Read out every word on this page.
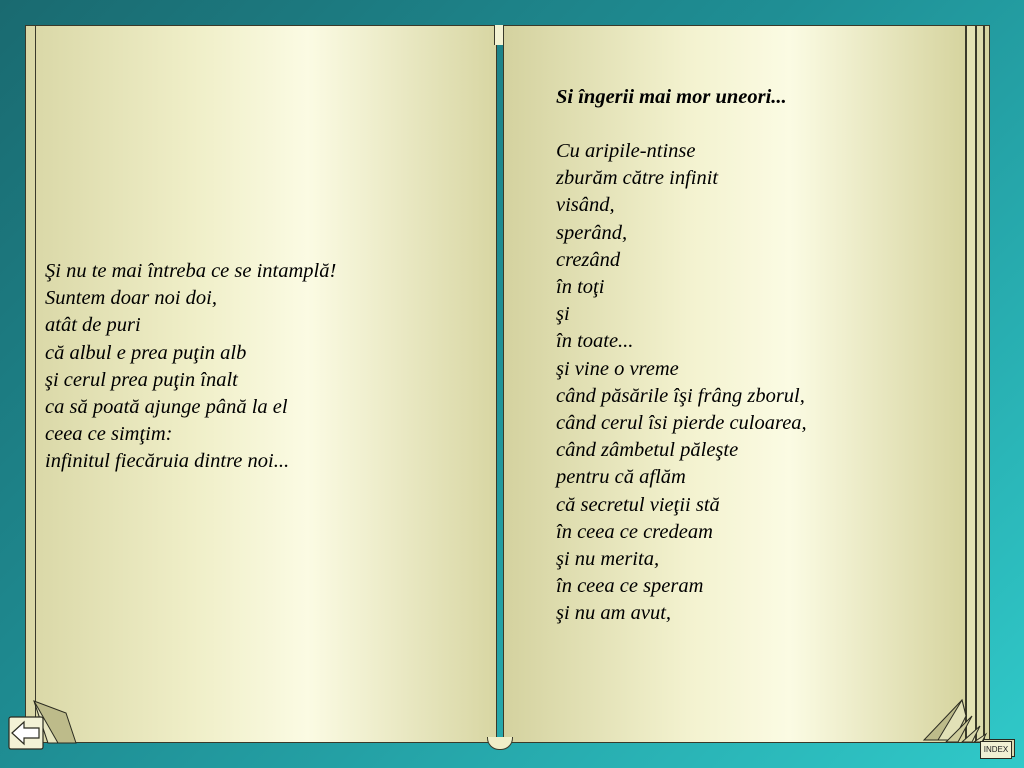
Şi nu te mai întreba ce se intamplă!
Suntem doar noi doi,
atât de puri
că albul e prea puţin alb
şi cerul prea puţin înalt
ca să poată ajunge până la el
ceea ce simţim:
infinitul fiecăruia dintre noi...

Si îngerii mai mor uneori...

Cu aripile-ntinse
zburăm către infinit
visând,
sperând,
crezând
în toţi
şi
în toate...
şi vine o vreme
când păsările îşi frâng zborul,
când cerul îsi pierde culoarea,
când zâmbetul păleşte
pentru că aflăm
că secretul vieţii stă
în ceea ce credeam
şi nu merita,
în ceea ce speram
şi nu am avut,

INDEX
